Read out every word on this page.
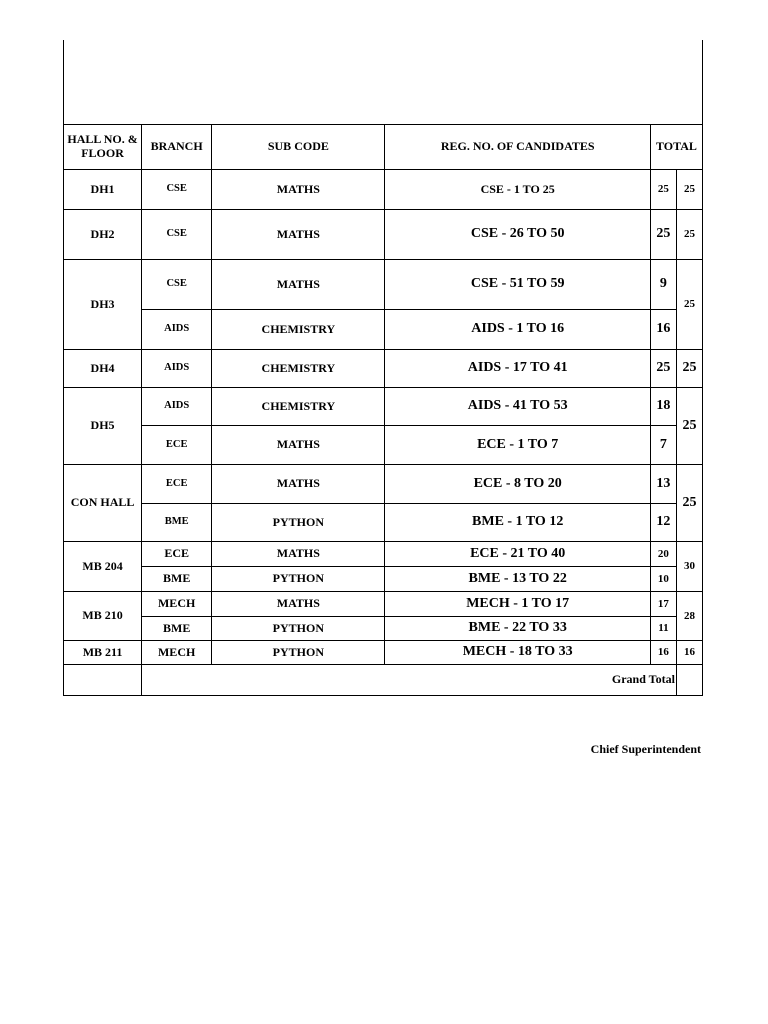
HALL NO. & FLOOR	BRANCH	SUB CODE	REG. NO. OF CANDIDATES	TOTAL	
DH1	CSE	MATHS	CSE - 1 TO 25	25	25
DH2	CSE	MATHS	CSE - 26 TO 50	25	25
DH3	CSE	MATHS	CSE - 51 TO 59	9	25
	AIDS	CHEMISTRY	AIDS - 1 TO 16	16	
DH4	AIDS	CHEMISTRY	AIDS - 17 TO 41	25	25
DH5	AIDS	CHEMISTRY	AIDS - 41 TO 53	18	25
	ECE	MATHS	ECE - 1 TO 7	7	
CON HALL	ECE	MATHS	ECE - 8 TO 20	13	25
	BME	PYTHON	BME - 1 TO 12	12	
MB 204	ECE	MATHS	ECE - 21 TO 40	20	30
	BME	PYTHON	BME - 13 TO 22	10	
MB 210	MECH	MATHS	MECH - 1 TO 17	17	28
	BME	PYTHON	BME - 22 TO 33	11	
MB 211	MECH	PYTHON	MECH - 18 TO 33	16	16
	Grand Total				
Chief Superintendent
